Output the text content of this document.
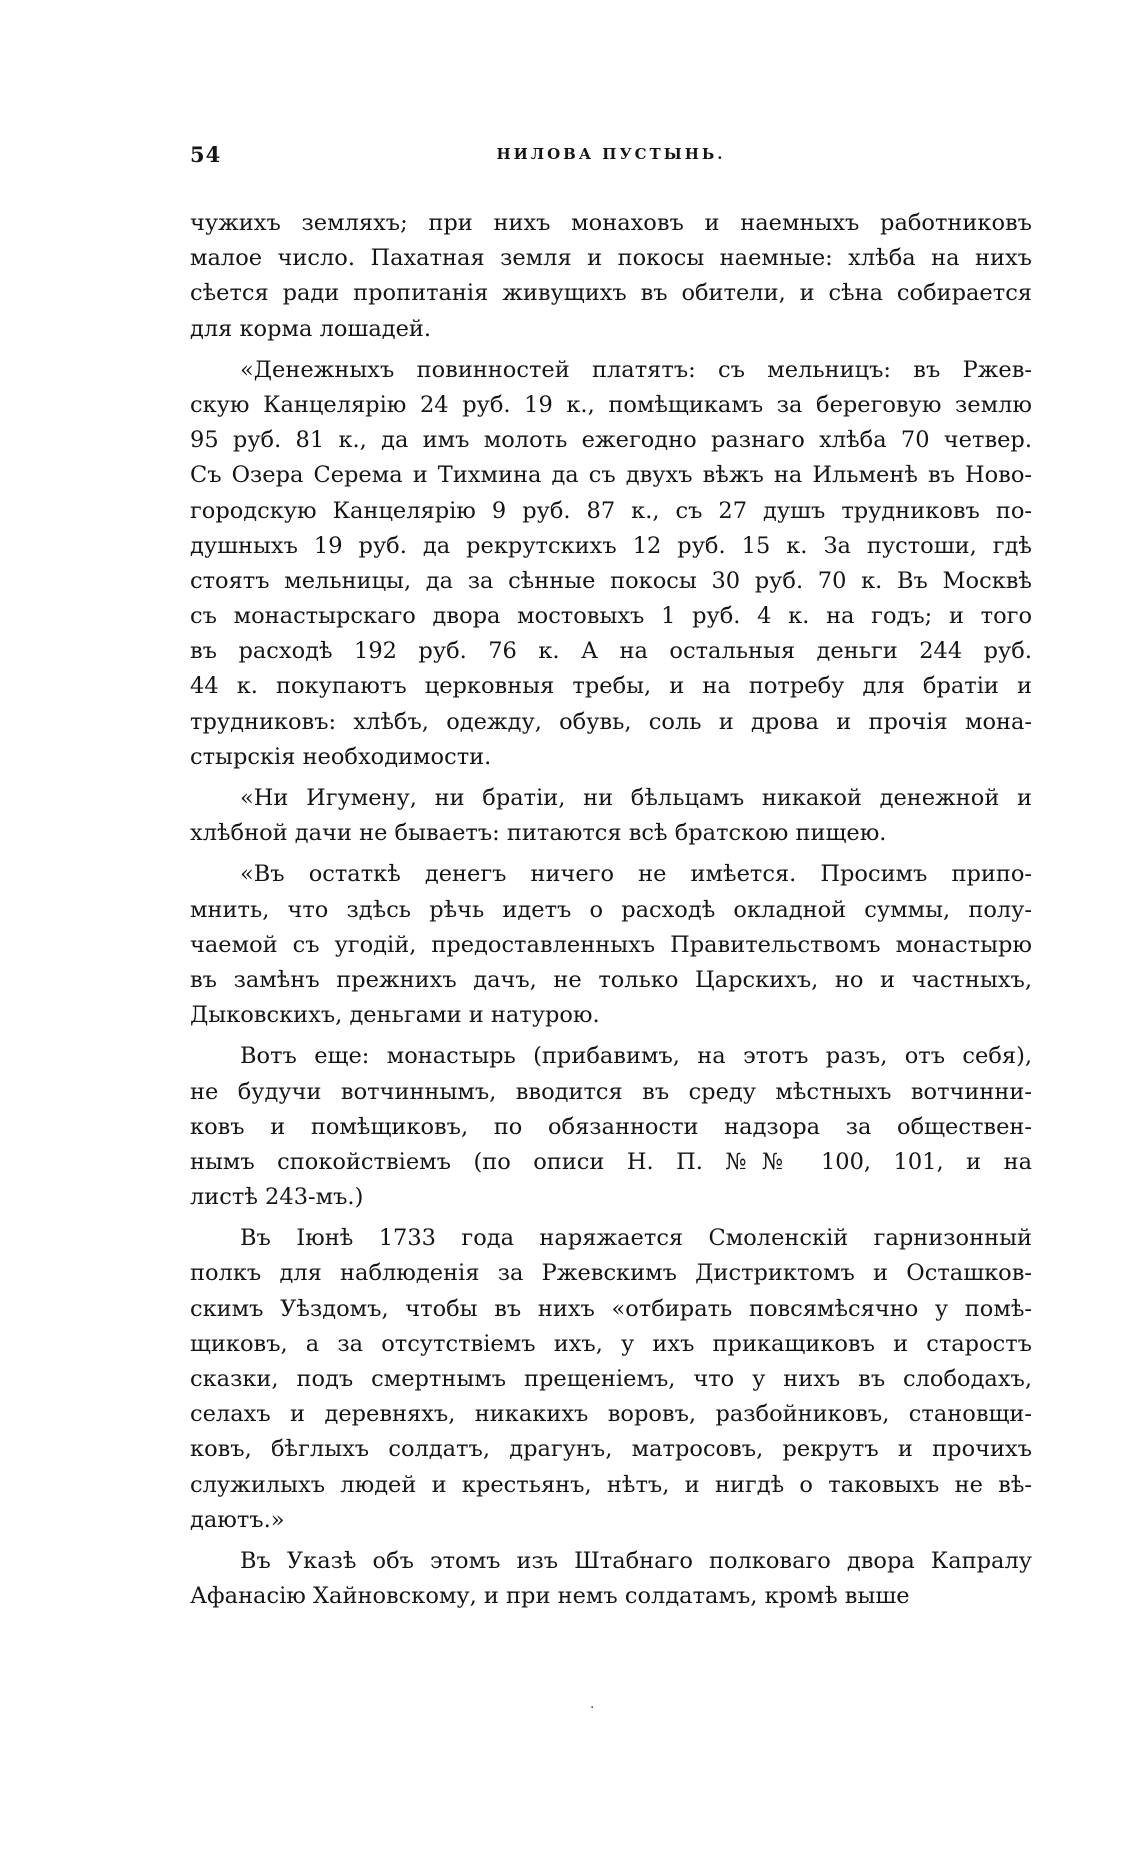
54	НИЛОВА ПУСТЫНЬ.
чужихъ земляхъ; при нихъ монаховъ и наемныхъ работниковъ
малое число. Пахатная земля и покосы наемные: хлѣба на нихъ
сѣется ради пропитанія живущихъ въ обители, и сѣна собирается
для корма лошадей.
«Денежныхъ повинностей платятъ: съ мельницъ: въ Ржев-
скую Канцелярію 24 руб. 19 к., помѣщикамъ за береговую землю
95 руб. 81 к., да имъ молоть ежегодно разнаго хлѣба 70 четвер.
Съ Озера Серема и Тихмина да съ двухъ вѣжъ на Ильменѣ въ Ново-
городскую Канцелярію 9 руб. 87 к., съ 27 душъ трудниковъ по-
душныхъ 19 руб. да рекрутскихъ 12 руб. 15 к. За пустоши, гдѣ
стоятъ мельницы, да за сѣнные покосы 30 руб. 70 к. Въ Москвѣ
съ монастырскаго двора мостовыхъ 1 руб. 4 к. на годъ; и того
въ расходѣ 192 руб. 76 к. А на остальныя деньги 244 руб.
44 к. покупаютъ церковныя требы, и на потребу для братіи и
трудниковъ: хлѣбъ, одежду, обувь, соль и дрова и прочія мона-
стырскія необходимости.
«Ни Игумену, ни братіи, ни бѣльцамъ никакой денежной и
хлѣбной дачи не бываетъ: питаются всѣ братскою пищею.
«Въ остаткѣ денегъ ничего не имѣется. Просимъ припо-
мнить, что здѣсь рѣчь идетъ о расходѣ окладной суммы, полу-
чаемой съ угодій, предоставленныхъ Правительствомъ монастырю
въ замѣнъ прежнихъ дачъ, не только Царскихъ, но и частныхъ,
Дыковскихъ, деньгами и натурою.
Вотъ еще: монастырь (прибавимъ, на этотъ разъ, отъ себя),
не будучи вотчиннымъ, вводится въ среду мѣстныхъ вотчинни-
ковъ и помѣщиковъ, по обязанности надзора за обществен-
нымъ спокойствіемъ (по описи Н. П. №№ 100, 101, и на
листѣ 243-мъ.)
Въ Іюнѣ 1733 года наряжается Смоленскій гарнизонный
полкъ для наблюденія за Ржевскимъ Дистриктомъ и Осташков-
скимъ Уѣздомъ, чтобы въ нихъ «отбирать повсямѣсячно у помѣ-
щиковъ, а за отсутствіемъ ихъ, у ихъ прикащиковъ и старостъ
сказки, подъ смертнымъ прещеніемъ, что у нихъ въ слободахъ,
селахъ и деревняхъ, никакихъ воровъ, разбойниковъ, становщи-
ковъ, бѣглыхъ солдатъ, драгунъ, матросовъ, рекрутъ и прочихъ
служилыхъ людей и крестьянъ, нѣтъ, и нигдѣ о таковыхъ не вѣ-
даютъ.»
Въ Указѣ объ этомъ изъ Штабнаго полковаго двора Капралу
Афанасію Хайновскому, и при немъ солдатамъ, кромѣ выше
·
